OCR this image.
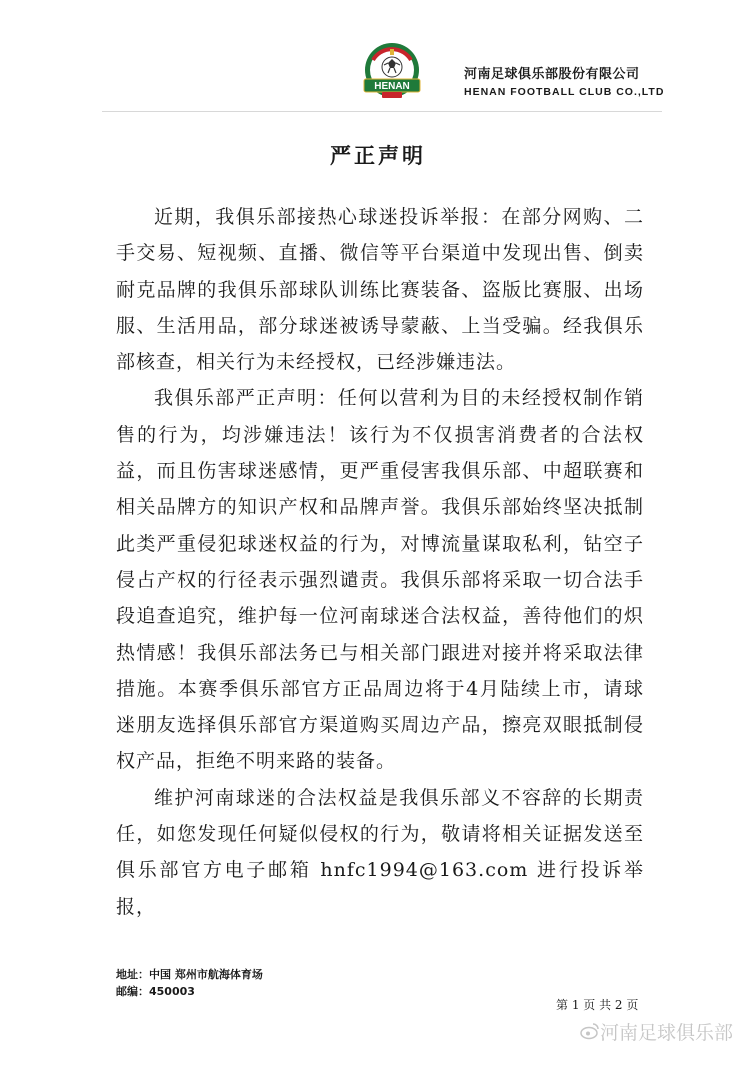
HENAN
河南足球俱乐部股份有限公司
HENAN FOOTBALL CLUB CO.,LTD
严正声明

近期，我俱乐部接热心球迷投诉举报：在部分网购、二手交易、短视频、直播、微信等平台渠道中发现出售、倒卖耐克品牌的我俱乐部球队训练比赛装备、盗版比赛服、出场服、生活用品，部分球迷被诱导蒙蔽、上当受骗。经我俱乐部核查，相关行为未经授权，已经涉嫌违法。

我俱乐部严正声明：任何以营利为目的未经授权制作销售的行为，均涉嫌违法！该行为不仅损害消费者的合法权益，而且伤害球迷感情，更严重侵害我俱乐部、中超联赛和相关品牌方的知识产权和品牌声誉。我俱乐部始终坚决抵制此类严重侵犯球迷权益的行为，对博流量谋取私利，钻空子侵占产权的行径表示强烈谴责。我俱乐部将采取一切合法手段追查追究，维护每一位河南球迷合法权益，善待他们的炽热情感！我俱乐部法务已与相关部门跟进对接并将采取法律措施。本赛季俱乐部官方正品周边将于4月陆续上市，请球迷朋友选择俱乐部官方渠道购买周边产品，擦亮双眼抵制侵权产品，拒绝不明来路的装备。

维护河南球迷的合法权益是我俱乐部义不容辞的长期责任，如您发现任何疑似侵权的行为，敬请将相关证据发送至俱乐部官方电子邮箱 hnfc1994@163.com 进行投诉举报，

地址：中国 郑州市航海体育场
邮编：450003
第 1 页 共 2 页
河南足球俱乐部
